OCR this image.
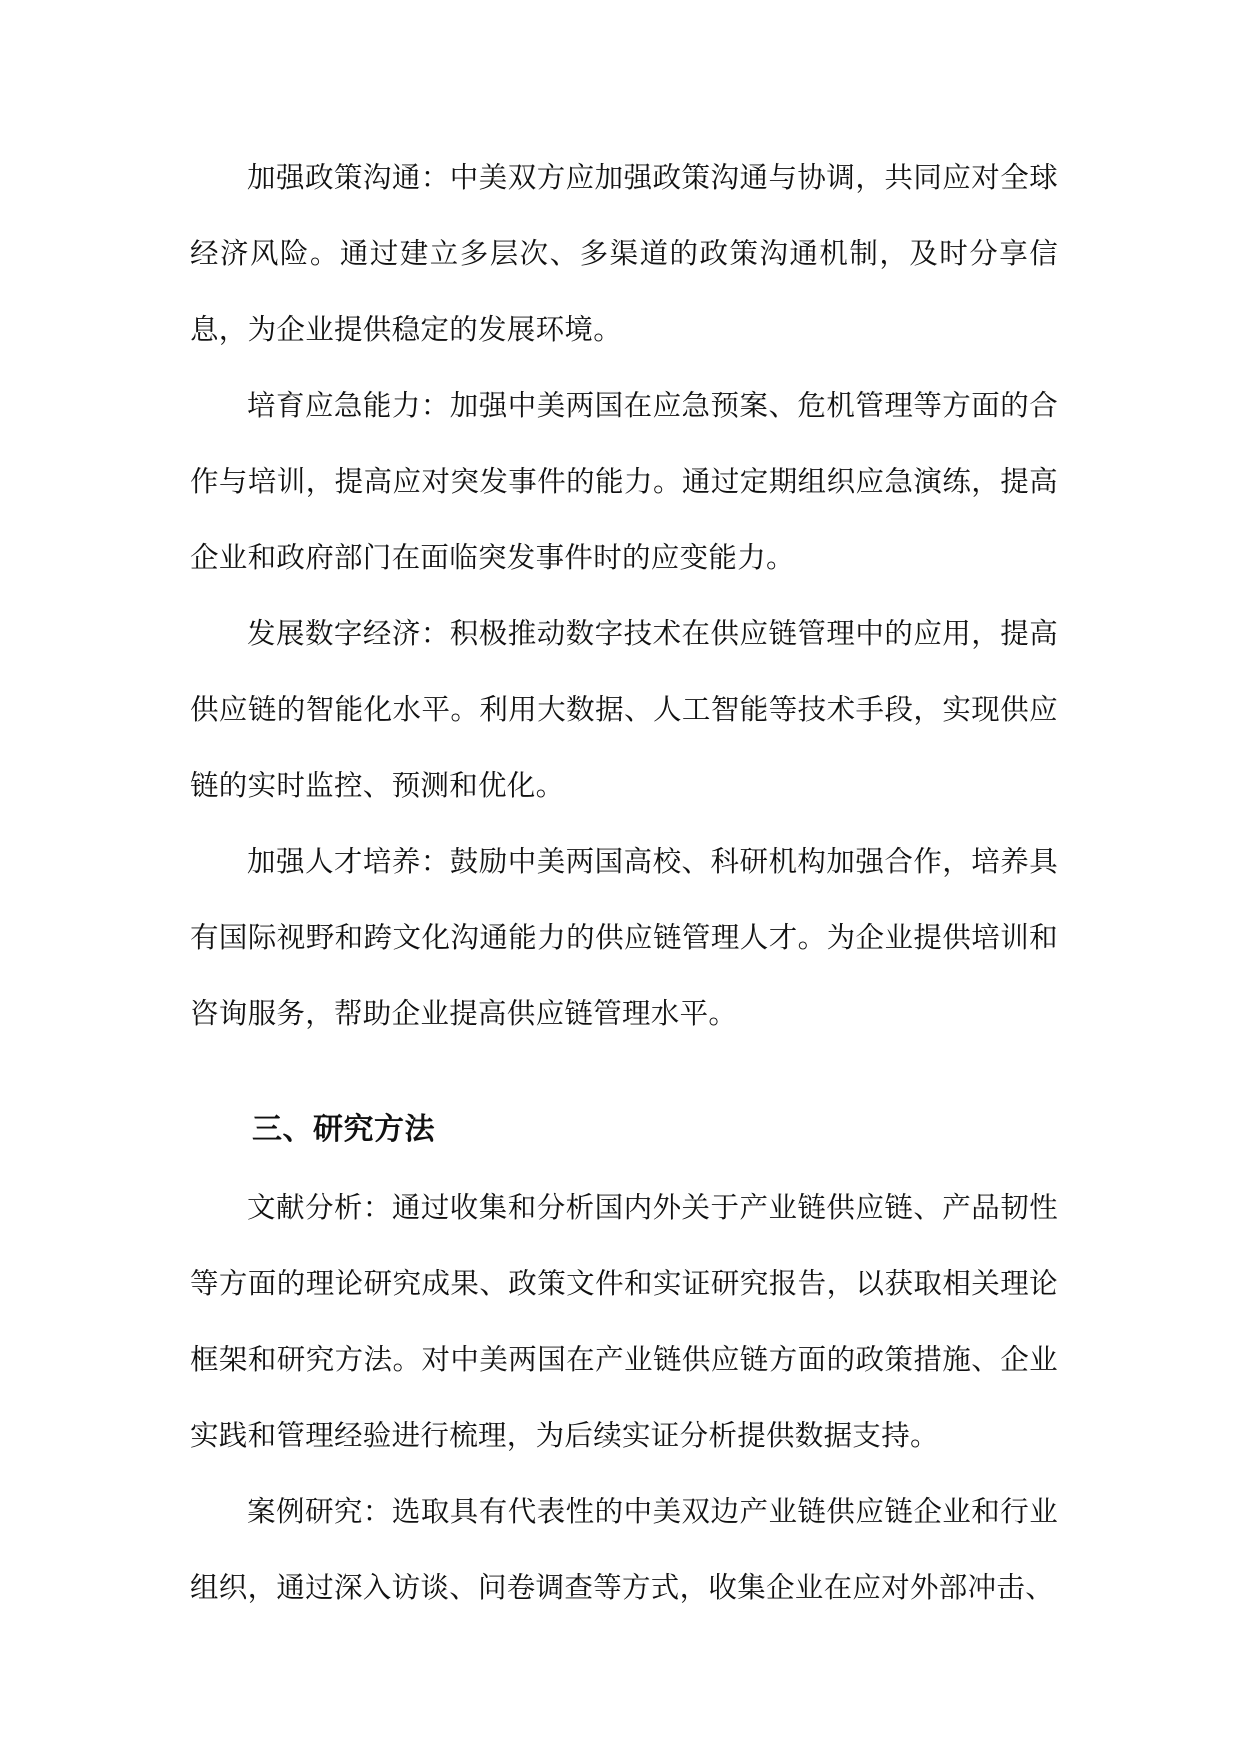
加强政策沟通：中美双方应加强政策沟通与协调，共同应对全球经济风险。通过建立多层次、多渠道的政策沟通机制，及时分享信息，为企业提供稳定的发展环境。

培育应急能力：加强中美两国在应急预案、危机管理等方面的合作与培训，提高应对突发事件的能力。通过定期组织应急演练，提高企业和政府部门在面临突发事件时的应变能力。

发展数字经济：积极推动数字技术在供应链管理中的应用，提高供应链的智能化水平。利用大数据、人工智能等技术手段，实现供应链的实时监控、预测和优化。

加强人才培养：鼓励中美两国高校、科研机构加强合作，培养具有国际视野和跨文化沟通能力的供应链管理人才。为企业提供培训和咨询服务，帮助企业提高供应链管理水平。

三、研究方法

文献分析：通过收集和分析国内外关于产业链供应链、产品韧性等方面的理论研究成果、政策文件和实证研究报告，以获取相关理论框架和研究方法。对中美两国在产业链供应链方面的政策措施、企业实践和管理经验进行梳理，为后续实证分析提供数据支持。

案例研究：选取具有代表性的中美双边产业链供应链企业和行业组织，通过深入访谈、问卷调查等方式，收集企业在应对外部冲击、
